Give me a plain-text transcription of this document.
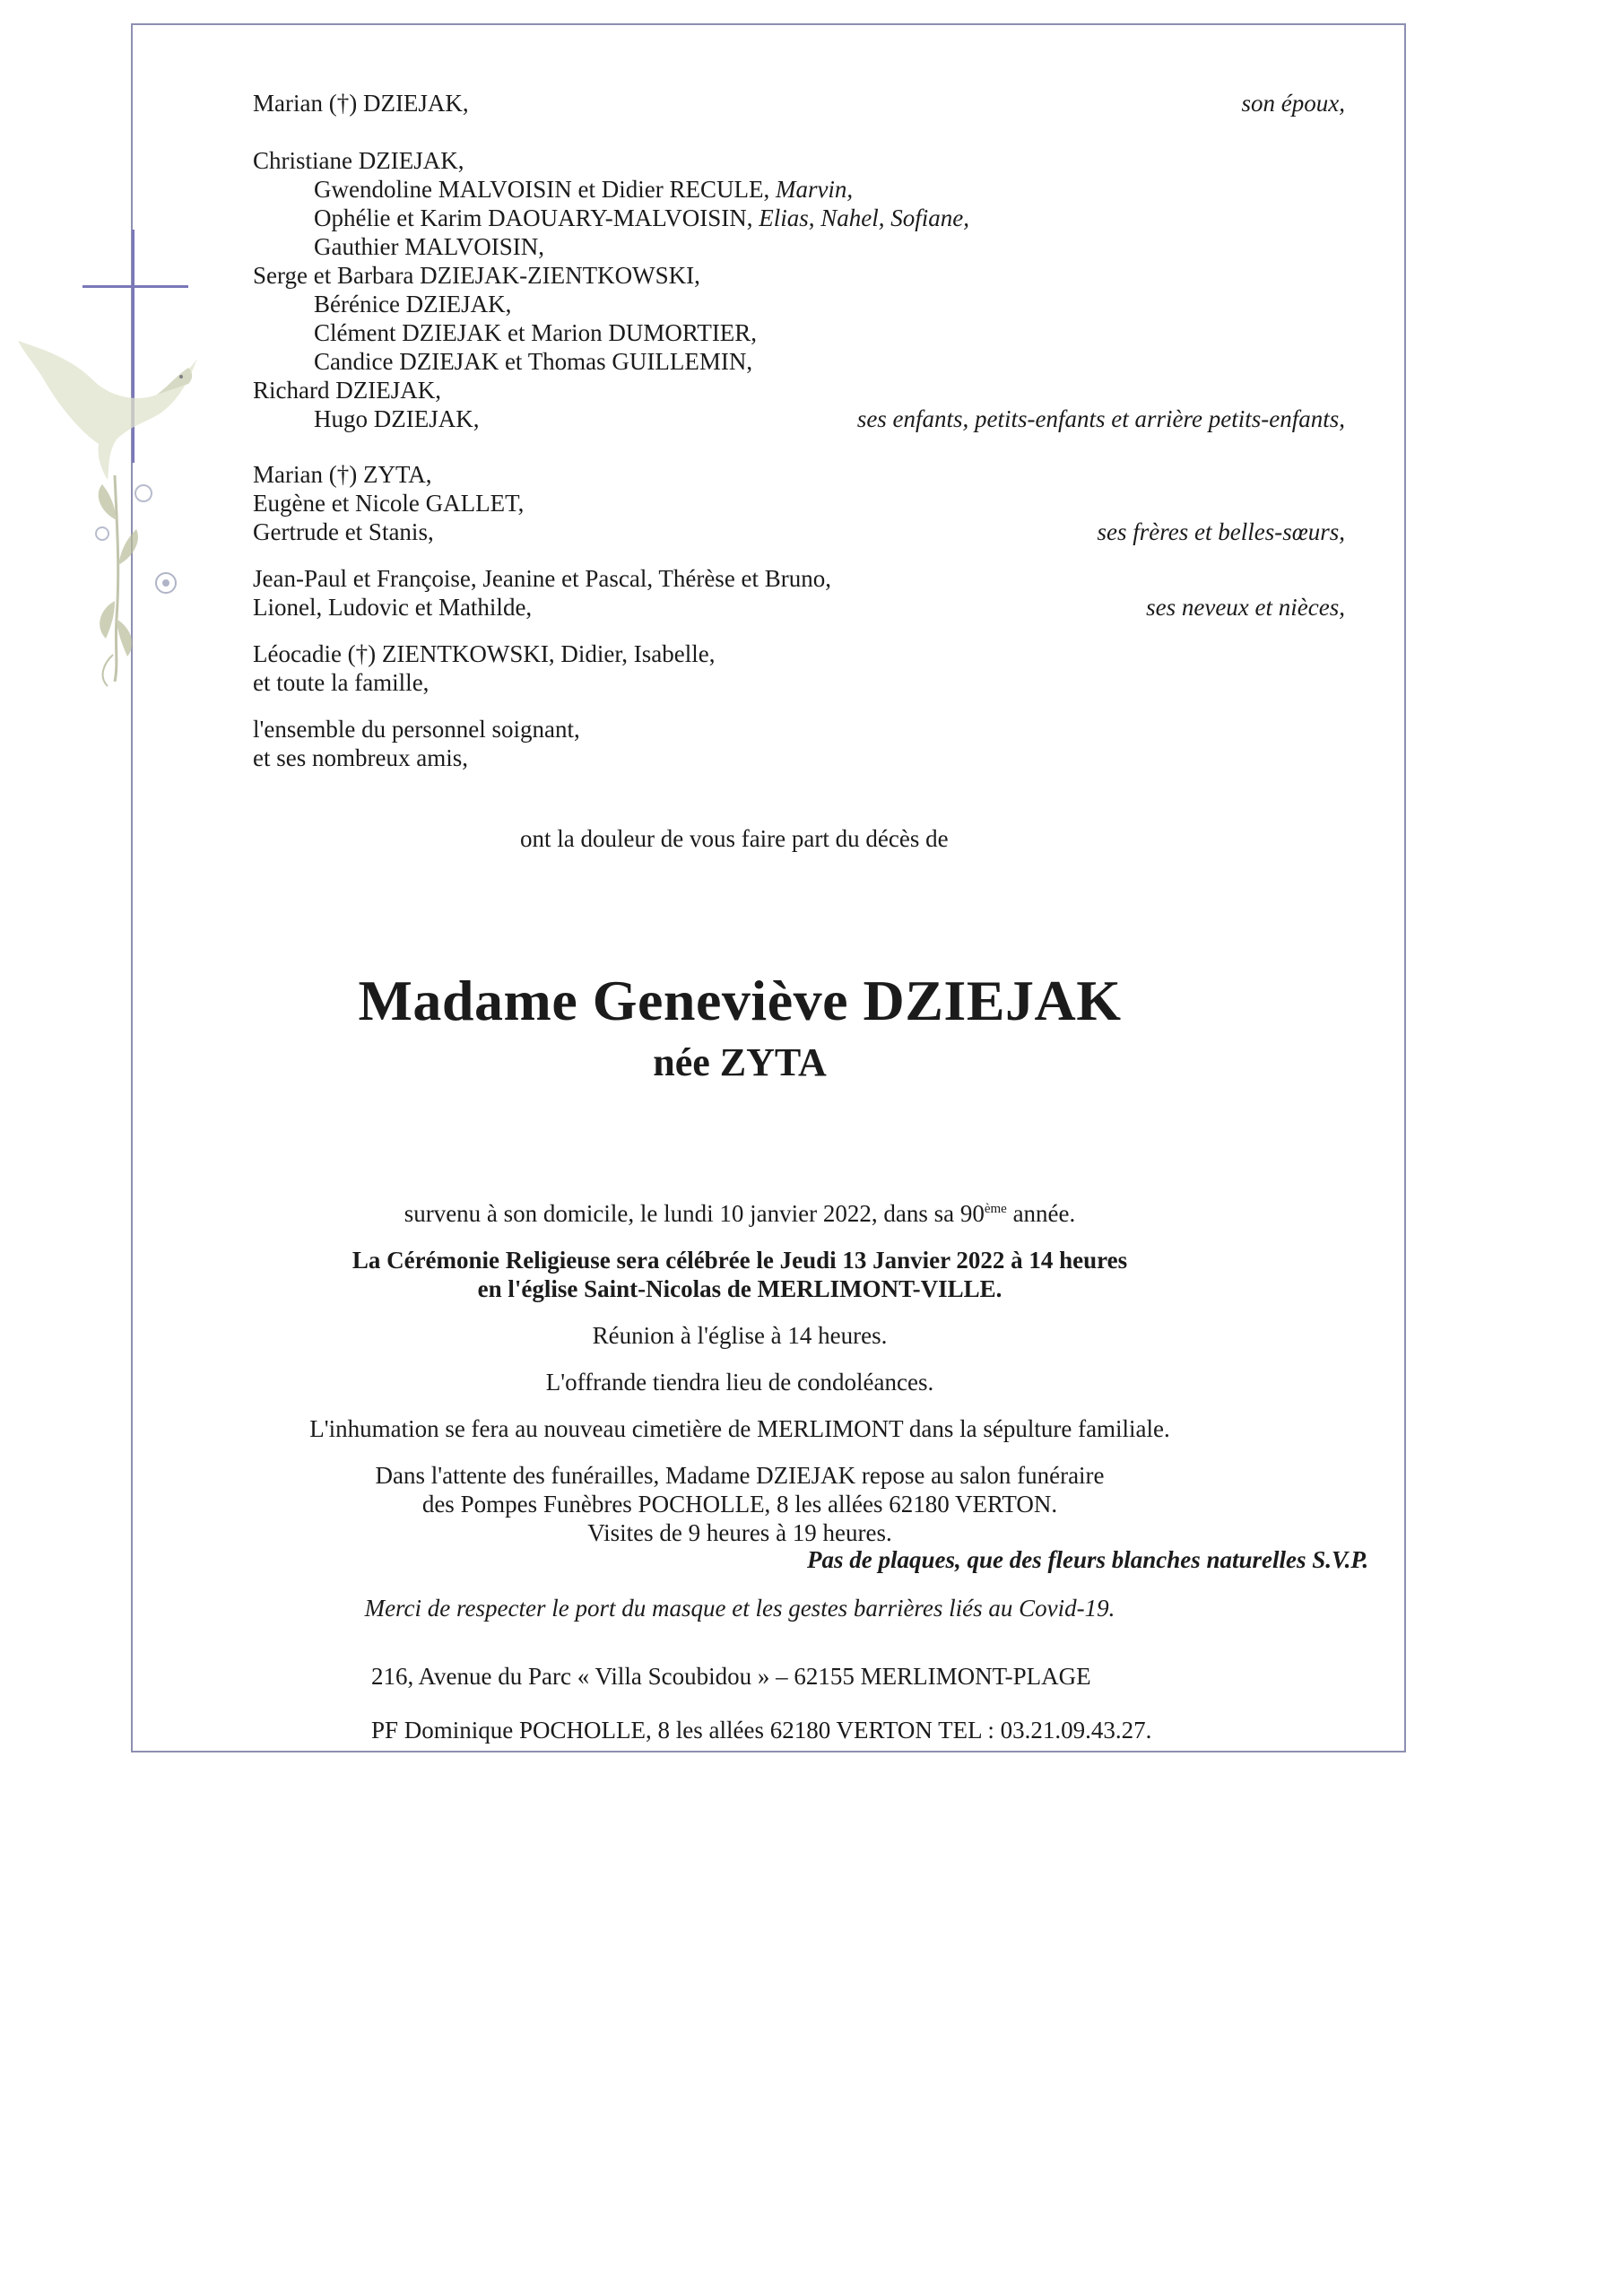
Marian (†) DZIEJAK,	son époux,
Christiane DZIEJAK,
Gwendoline MALVOISIN et Didier RECULE, Marvin,
Ophélie et Karim DAOUARY-MALVOISIN, Elias, Nahel, Sofiane,
Gauthier MALVOISIN,
Serge et Barbara DZIEJAK-ZIENTKOWSKI,
Bérénice DZIEJAK,
Clément DZIEJAK et Marion DUMORTIER,
Candice DZIEJAK et Thomas GUILLEMIN,
Richard DZIEJAK,
Hugo DZIEJAK,	ses enfants, petits-enfants et arrière petits-enfants,
Marian (†) ZYTA,
Eugène et Nicole GALLET,
Gertrude et Stanis,	ses frères et belles-sœurs,
Jean-Paul et Françoise, Jeanine et Pascal, Thérèse et Bruno,
Lionel, Ludovic et Mathilde,	ses neveux et nièces,
Léocadie (†) ZIENTKOWSKI, Didier, Isabelle,
et toute la famille,
l'ensemble du personnel soignant,
et ses nombreux amis,
ont la douleur de vous faire part du décès de
Madame Geneviève DZIEJAK
née ZYTA
survenu à son domicile, le lundi 10 janvier 2022, dans sa 90ème année.
La Cérémonie Religieuse sera célébrée le Jeudi 13 Janvier 2022 à 14 heures
en l'église Saint-Nicolas de MERLIMONT-VILLE.
Réunion à l'église à 14 heures.
L'offrande tiendra lieu de condoléances.
L'inhumation se fera au nouveau cimetière de MERLIMONT dans la sépulture familiale.
Dans l'attente des funérailles, Madame DZIEJAK repose au salon funéraire
des Pompes Funèbres POCHOLLE, 8 les allées 62180 VERTON.
Visites de 9 heures à 19 heures.
Pas de plaques, que des fleurs blanches naturelles S.V.P.
Merci de respecter le port du masque et les gestes barrières liés au Covid-19.
216, Avenue du Parc « Villa Scoubidou » – 62155 MERLIMONT-PLAGE
PF Dominique POCHOLLE, 8 les allées 62180 VERTON TEL : 03.21.09.43.27.
